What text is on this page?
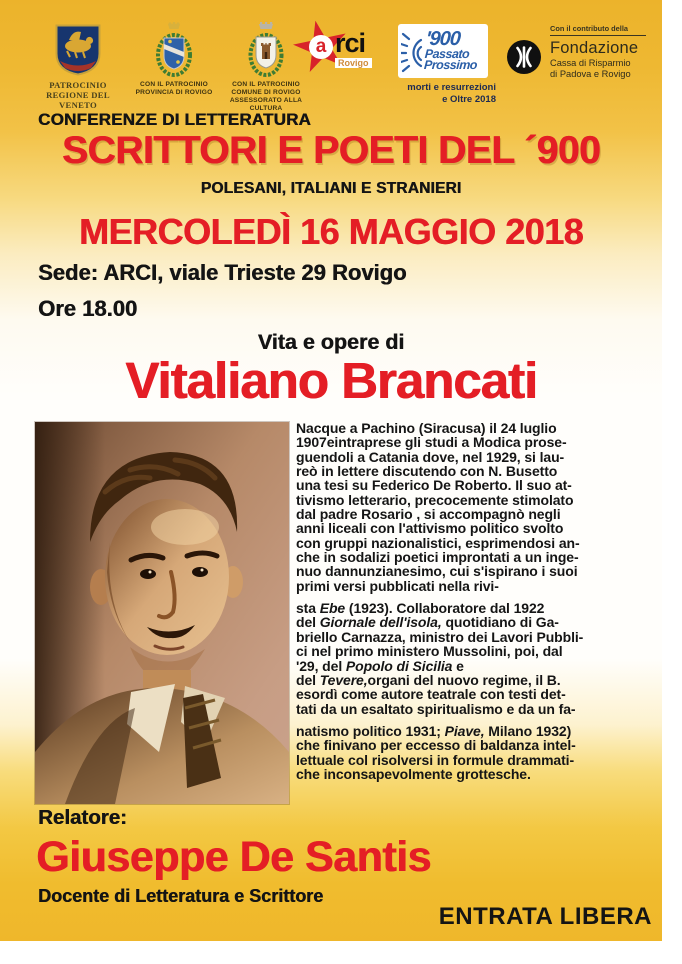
PATROCINIO
REGIONE DEL VENETO
CON IL PATROCINIO
PROVINCIA DI ROVIGO
CON IL PATROCINIO
COMUNE DI ROVIGO
ASSESSORATO ALLA CULTURA
a rci
Rovigo
'900
Passato
Prossimo
morti e resurrezioni
e Oltre 2018
Con il contributo della
Fondazione
Cassa di Risparmio
di Padova e Rovigo
CONFERENZE DI LETTERATURA
SCRITTORI E POETI DEL ´900
POLESANI, ITALIANI E STRANIERI
MERCOLEDÌ 16 MAGGIO 2018
Sede: ARCI, viale Trieste 29 Rovigo
Ore 18.00
Vita e opere di
Vitaliano Brancati
Nacque a Pachino (Siracusa) il 24 luglio
1907eintraprese gli studi a Modica prose-
guendoli a Catania dove, nel 1929, si lau-
reò in lettere discutendo con N. Busetto
una tesi su Federico De Roberto. Il suo at-
tivismo letterario, precocemente stimolato
dal padre Rosario , si accompagnò negli
anni liceali con l'attivismo politico svolto
con gruppi nazionalistici, esprimendosi an-
che in sodalizi poetici improntati a un inge-
nuo dannunzianesimo, cui s'ispirano i suoi
primi versi pubblicati nella rivi-
sta Ebe (1923). Collaboratore dal 1922
del Giornale dell'isola, quotidiano di Ga-
briello Carnazza, ministro dei Lavori Pubbli-
ci nel primo ministero Mussolini, poi, dal
'29, del Popolo di Sicilia e
del Tevere,organi del nuovo regime, il B.
esordì come autore teatrale con testi det-
tati da un esaltato spiritualismo e da un fa-
natismo politico 1931; Piave, Milano 1932)
che finivano per eccesso di baldanza intel-
lettuale col risolversi in formule drammati-
che inconsapevolmente grottesche.
Relatore:
Giuseppe De Santis
Docente di Letteratura e Scrittore
ENTRATA LIBERA
